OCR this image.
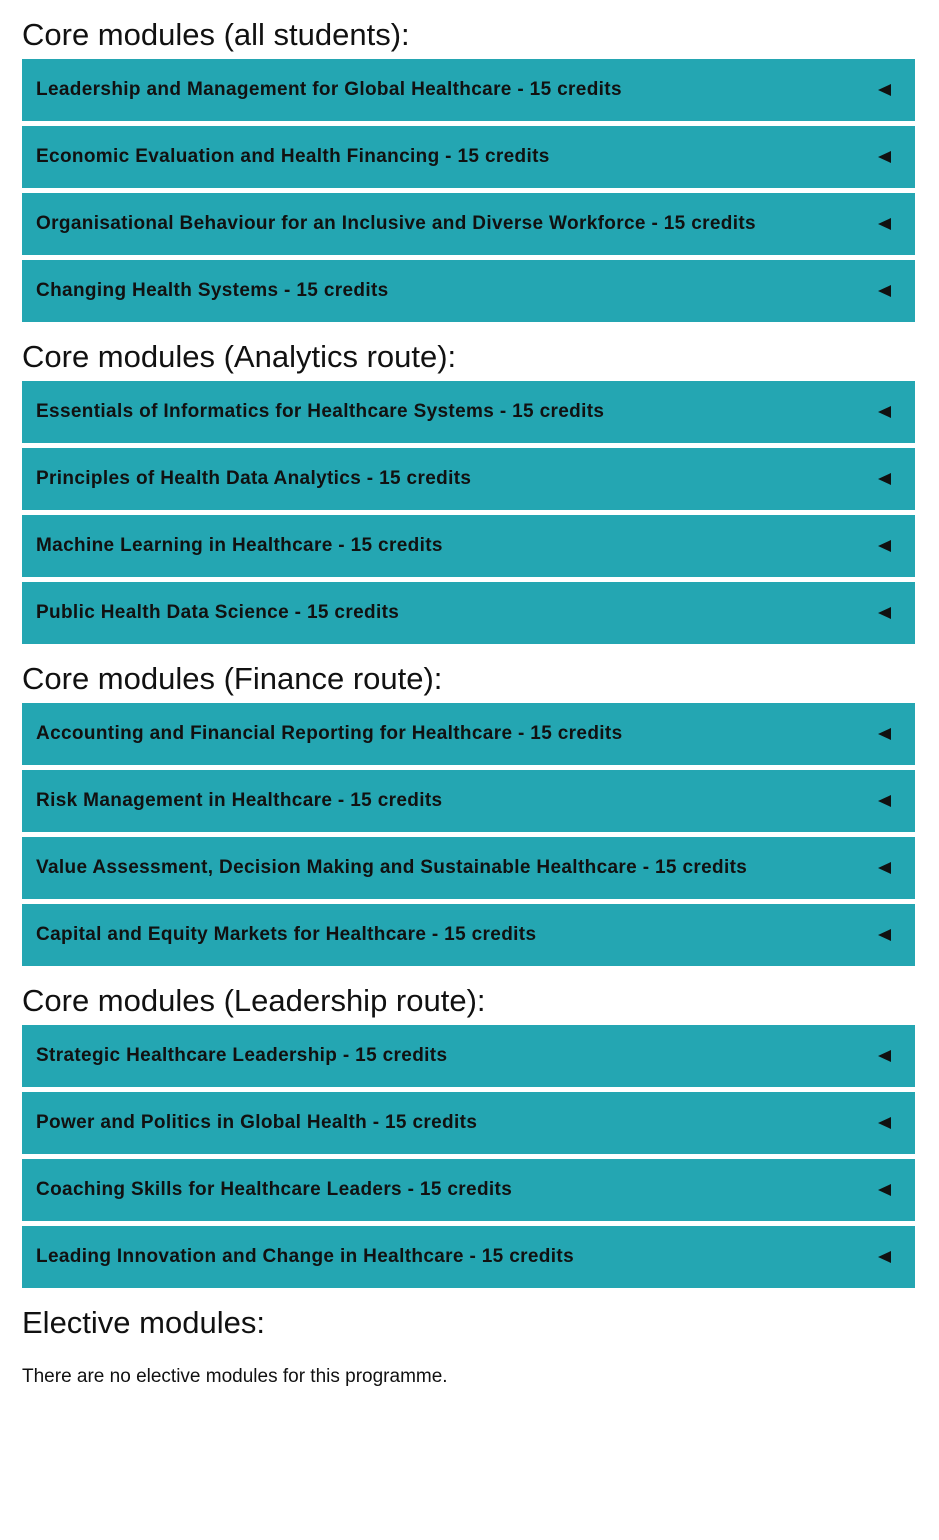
Core modules (all students):
Leadership and Management for Global Healthcare - 15 credits
Economic Evaluation and Health Financing - 15 credits
Organisational Behaviour for an Inclusive and Diverse Workforce - 15 credits
Changing Health Systems - 15 credits
Core modules (Analytics route):
Essentials of Informatics for Healthcare Systems - 15 credits
Principles of Health Data Analytics - 15 credits
Machine Learning in Healthcare - 15 credits
Public Health Data Science - 15 credits
Core modules (Finance route):
Accounting and Financial Reporting for Healthcare - 15 credits
Risk Management in Healthcare - 15 credits
Value Assessment, Decision Making and Sustainable Healthcare - 15 credits
Capital and Equity Markets for Healthcare - 15 credits
Core modules (Leadership route):
Strategic Healthcare Leadership - 15 credits
Power and Politics in Global Health - 15 credits
Coaching Skills for Healthcare Leaders - 15 credits
Leading Innovation and Change in Healthcare - 15 credits
Elective modules:

There are no elective modules for this programme.
